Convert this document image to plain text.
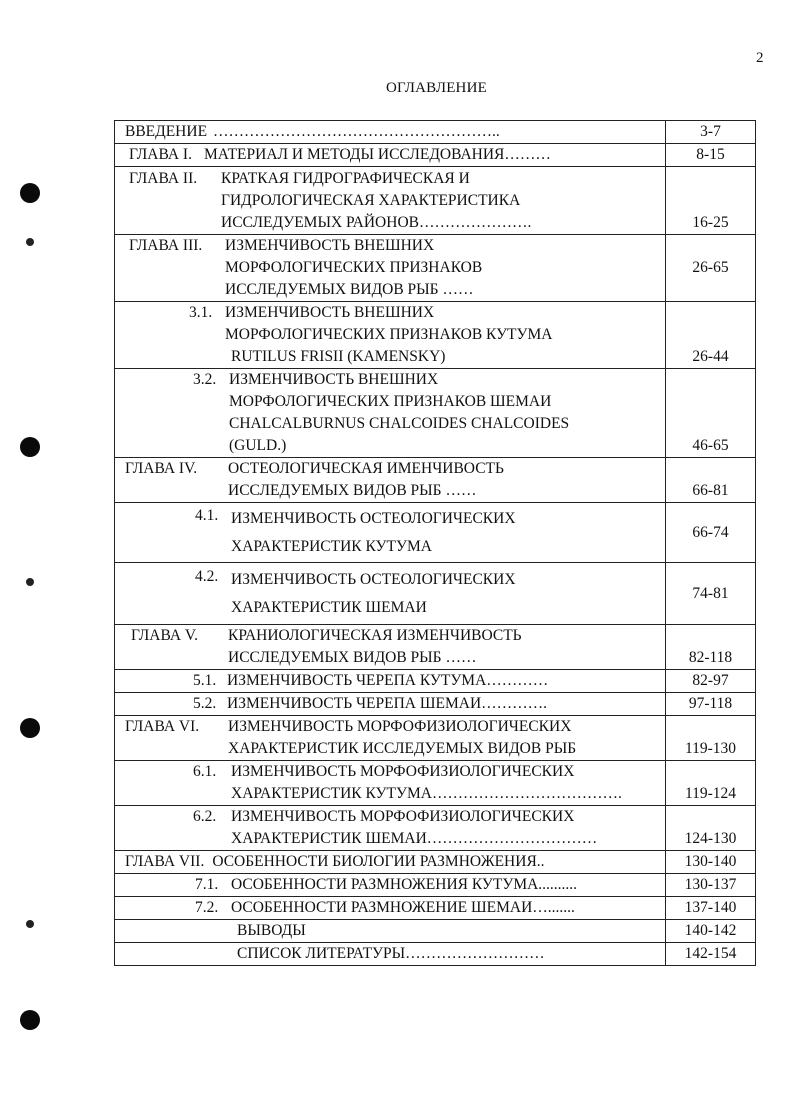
2
ОГЛАВЛЕНИЕ
ВВЕДЕНИЕ ………………………………………………..	3-7

ГЛАВА I. МАТЕРИАЛ И МЕТОДЫ ИССЛЕДОВАНИЯ………	8-15

ГЛАВА II. КРАТКАЯ ГИДРОГРАФИЧЕСКАЯ И
ГИДРОЛОГИЧЕСКАЯ ХАРАКТЕРИСТИКА
ИССЛЕДУЕМЫХ РАЙОНОВ………………….	16-25

ГЛАВА III. ИЗМЕНЧИВОСТЬ ВНЕШНИХ
МОРФОЛОГИЧЕСКИХ ПРИЗНАКОВ
ИССЛЕДУЕМЫХ ВИДОВ РЫБ ……	26-65

3.1. ИЗМЕНЧИВОСТЬ ВНЕШНИХ
МОРФОЛОГИЧЕСКИХ ПРИЗНАКОВ КУТУМА
RUTILUS FRISII (KAMENSKY)	26-44

3.2. ИЗМЕНЧИВОСТЬ ВНЕШНИХ
МОРФОЛОГИЧЕСКИХ ПРИЗНАКОВ ШЕМАИ
CHALCALBURNUS CHALCOIDES CHALCOIDES
(GULD.)	46-65

ГЛАВА IV. ОСТЕОЛОГИЧЕСКАЯ ИМЕНЧИВОСТЬ
ИССЛЕДУЕМЫХ ВИДОВ РЫБ ……	66-81

4.1. ИЗМЕНЧИВОСТЬ ОСТЕОЛОГИЧЕСКИХ
ХАРАКТЕРИСТИК КУТУМА	66-74

4.2. ИЗМЕНЧИВОСТЬ ОСТЕОЛОГИЧЕСКИХ
ХАРАКТЕРИСТИК ШЕМАИ	74-81

ГЛАВА V. КРАНИОЛОГИЧЕСКАЯ ИЗМЕНЧИВОСТЬ
ИССЛЕДУЕМЫХ ВИДОВ РЫБ ……	82-118

5.1. ИЗМЕНЧИВОСТЬ ЧЕРЕПА КУТУМА…………	82-97

5.2. ИЗМЕНЧИВОСТЬ ЧЕРЕПА ШЕМАИ………….	97-118

ГЛАВА VI. ИЗМЕНЧИВОСТЬ МОРФОФИЗИОЛОГИЧЕСКИХ
ХАРАКТЕРИСТИК ИССЛЕДУЕМЫХ ВИДОВ РЫБ	119-130

6.1. ИЗМЕНЧИВОСТЬ МОРФОФИЗИОЛОГИЧЕСКИХ
ХАРАКТЕРИСТИК КУТУМА……………………………….	119-124

6.2. ИЗМЕНЧИВОСТЬ МОРФОФИЗИОЛОГИЧЕСКИХ
ХАРАКТЕРИСТИК ШЕМАИ……………………………	124-130

ГЛАВА VII. ОСОБЕННОСТИ БИОЛОГИИ РАЗМНОЖЕНИЯ..	130-140

7.1. ОСОБЕННОСТИ РАЗМНОЖЕНИЯ КУТУМА..........	130-137

7.2. ОСОБЕННОСТИ РАЗМНОЖЕНИЕ ШЕМАИ….......	137-140

ВЫВОДЫ	140-142

СПИСОК ЛИТЕРАТУРЫ………………………	142-154
